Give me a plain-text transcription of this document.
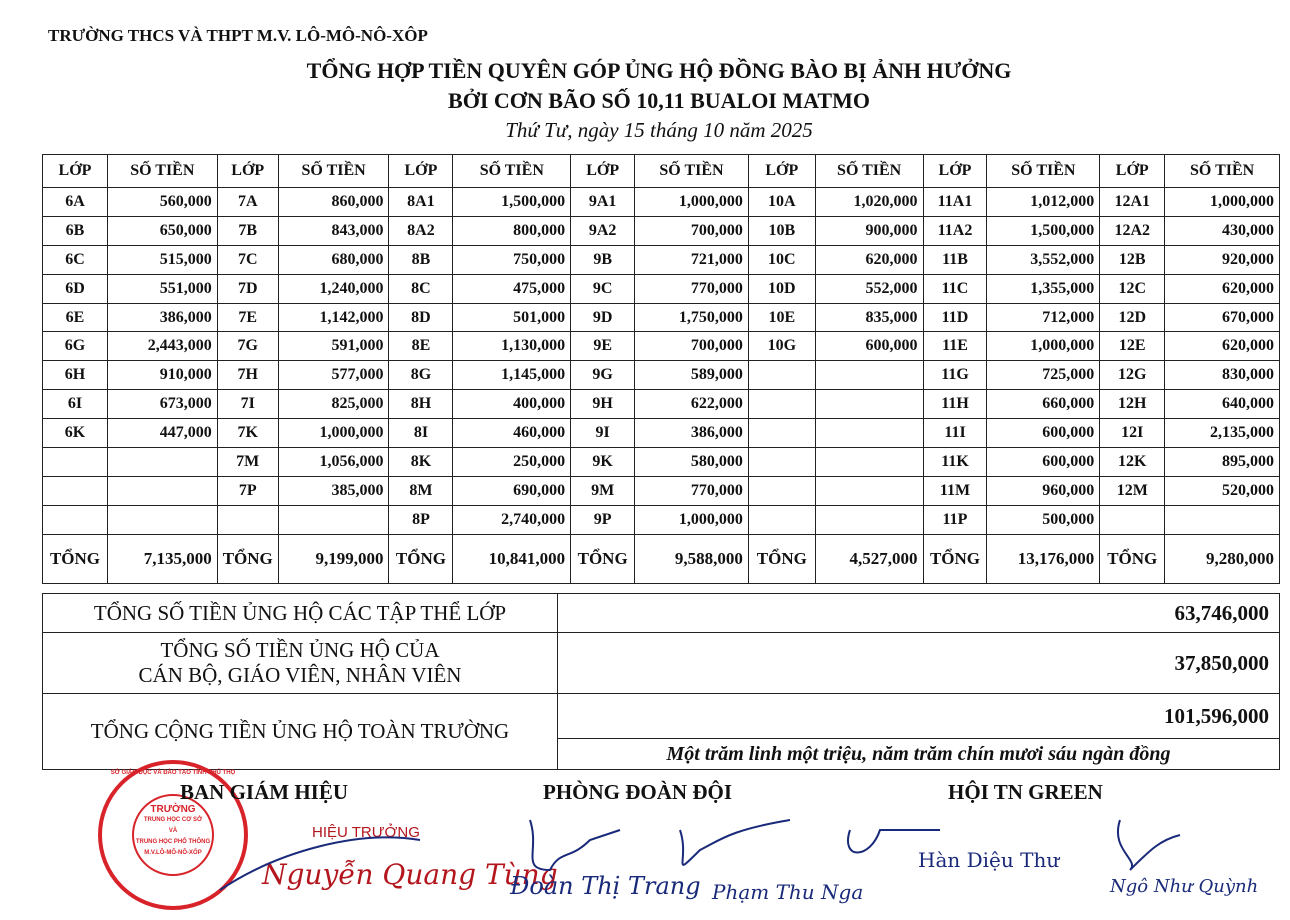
TRƯỜNG THCS VÀ THPT M.V. LÔ-MÔ-NÔ-XÔP
TỔNG HỢP TIỀN QUYÊN GÓP ỦNG HỘ ĐỒNG BÀO BỊ ẢNH HƯỞNG
BỞI CƠN BÃO SỐ 10,11 BUALOI MATMO
Thứ Tư, ngày 15 tháng 10 năm 2025
LỚP	SỐ TIỀN	LỚP	SỐ TIỀN	LỚP	SỐ TIỀN	LỚP	SỐ TIỀN	LỚP	SỐ TIỀN	LỚP	SỐ TIỀN	LỚP	SỐ TIỀN
6A	560,000	7A	860,000	8A1	1,500,000	9A1	1,000,000	10A	1,020,000	11A1	1,012,000	12A1	1,000,000
6B	650,000	7B	843,000	8A2	800,000	9A2	700,000	10B	900,000	11A2	1,500,000	12A2	430,000
6C	515,000	7C	680,000	8B	750,000	9B	721,000	10C	620,000	11B	3,552,000	12B	920,000
6D	551,000	7D	1,240,000	8C	475,000	9C	770,000	10D	552,000	11C	1,355,000	12C	620,000
6E	386,000	7E	1,142,000	8D	501,000	9D	1,750,000	10E	835,000	11D	712,000	12D	670,000
6G	2,443,000	7G	591,000	8E	1,130,000	9E	700,000	10G	600,000	11E	1,000,000	12E	620,000
6H	910,000	7H	577,000	8G	1,145,000	9G	589,000			11G	725,000	12G	830,000
6I	673,000	7I	825,000	8H	400,000	9H	622,000			11H	660,000	12H	640,000
6K	447,000	7K	1,000,000	8I	460,000	9I	386,000			11I	600,000	12I	2,135,000
		7M	1,056,000	8K	250,000	9K	580,000			11K	600,000	12K	895,000
		7P	385,000	8M	690,000	9M	770,000			11M	960,000	12M	520,000
				8P	2,740,000	9P	1,000,000			11P	500,000		
TỔNG	7,135,000	TỔNG	9,199,000	TỔNG	10,841,000	TỔNG	9,588,000	TỔNG	4,527,000	TỔNG	13,176,000	TỔNG	9,280,000
TỔNG SỐ TIỀN ỦNG HỘ CÁC TẬP THỂ LỚP	63,746,000

TỔNG SỐ TIỀN ỦNG HỘ CỦA
CÁN BỘ, GIÁO VIÊN, NHÂN VIÊN	37,850,000
TỔNG CỘNG TIỀN ỦNG HỘ TOÀN TRƯỜNG	101,596,000
	Một trăm linh một triệu, năm trăm chín mươi sáu ngàn đồng
SỞ GIÁO DỤC VÀ ĐÀO TẠO TỈNH PHÚ THỌ
TRƯỜNG
TRUNG HỌC CƠ SỞ
VÀ
TRUNG HỌC PHỔ THÔNG
M.V.LÔ-MÔ-NÔ-XỐP
BAN GIÁM HIỆU	PHÒNG ĐOÀN ĐỘI	HỘI TN GREEN
HIỆU TRƯỞNG
Nguyễn Quang Tùng
Đoàn Thị Trang Phạm Thu Nga
Hàn Diệu Thư
Ngô Như Quỳnh
